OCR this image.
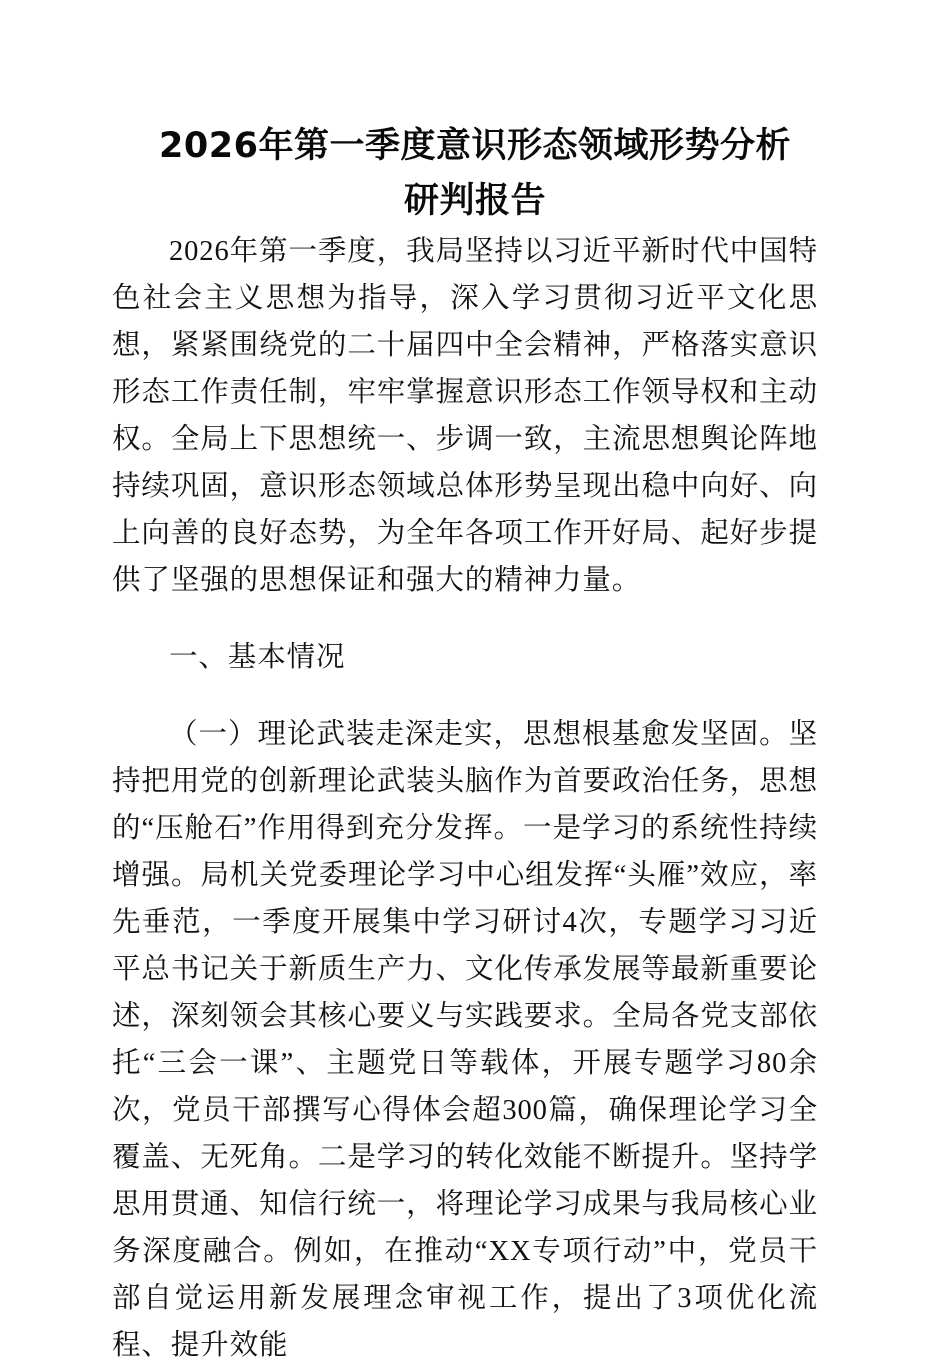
2026年第一季度意识形态领域形势分析研判报告

2026年第一季度，我局坚持以习近平新时代中国特色社会主义思想为指导，深入学习贯彻习近平文化思想，紧紧围绕党的二十届四中全会精神，严格落实意识形态工作责任制，牢牢掌握意识形态工作领导权和主动权。全局上下思想统一、步调一致，主流思想舆论阵地持续巩固，意识形态领域总体形势呈现出稳中向好、向上向善的良好态势，为全年各项工作开好局、起好步提供了坚强的思想保证和强大的精神力量。

一、基本情况

（一）理论武装走深走实，思想根基愈发坚固。坚持把用党的创新理论武装头脑作为首要政治任务，思想的“压舱石”作用得到充分发挥。一是学习的系统性持续增强。局机关党委理论学习中心组发挥“头雁”效应，率先垂范，一季度开展集中学习研讨4次，专题学习习近平总书记关于新质生产力、文化传承发展等最新重要论述，深刻领会其核心要义与实践要求。全局各党支部依托“三会一课”、主题党日等载体，开展专题学习80余次，党员干部撰写心得体会超300篇，确保理论学习全覆盖、无死角。二是学习的转化效能不断提升。坚持学思用贯通、知信行统一，将理论学习成果与我局核心业务深度融合。例如，在推动“XX专项行动”中，党员干部自觉运用新发展理念审视工作，提出了3项优化流程、提升效能
